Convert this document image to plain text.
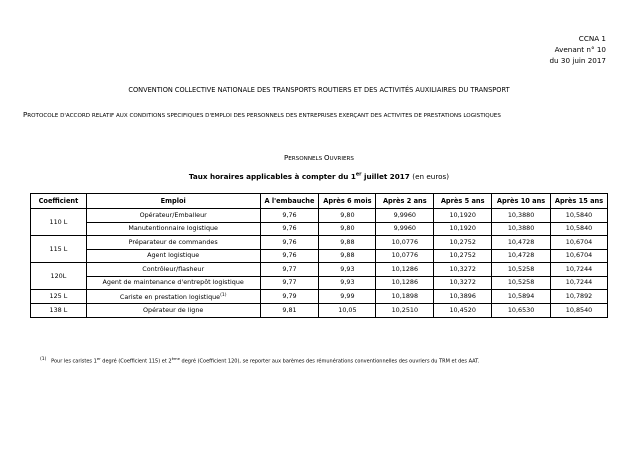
CCNA 1
Avenant n° 10
du 30 juin 2017
CONVENTION COLLECTIVE NATIONALE DES TRANSPORTS ROUTIERS ET DES ACTIVITÉS AUXILIAIRES DU TRANSPORT
PROTOCOLE D'ACCORD RELATIF AUX CONDITIONS SPECIFIQUES D'EMPLOI DES PERSONNELS DES ENTREPRISES EXERÇANT DES ACTIVITES DE PRESTATIONS LOGISTIQUES
PERSONNELS OUVRIERS
Taux horaires applicables à compter du 1er juillet 2017 (en euros)
Coefficient	Emploi	A l'embauche	Après 6 mois	Après 2 ans	Après 5 ans	Après 10 ans	Après 15 ans
110 L	Opérateur/Emballeur	9,76	9,80	9,9960	10,1920	10,3880	10,5840
	Manutentionnaire logistique	9,76	9,80	9,9960	10,1920	10,3880	10,5840
115 L	Préparateur de commandes	9,76	9,88	10,0776	10,2752	10,4728	10,6704
	Agent logistique	9,76	9,88	10,0776	10,2752	10,4728	10,6704
120L	Contrôleur/flasheur	9,77	9,93	10,1286	10,3272	10,5258	10,7244
	Agent de maintenance d'entrepôt logistique	9,77	9,93	10,1286	10,3272	10,5258	10,7244
125 L	Cariste en prestation logistique$^{(1)}$	9,79	9,99	10,1898	10,3896	10,5894	10,7892
138 L	Opérateur de ligne	9,81	10,05	10,2510	10,4520	10,6530	10,8540
(1) Pour les caristes 1er degré (Coefficient 115) et 2ème degré (Coefficient 120), se reporter aux barèmes des rémunérations conventionnelles des ouvriers du TRM et des AAT.
